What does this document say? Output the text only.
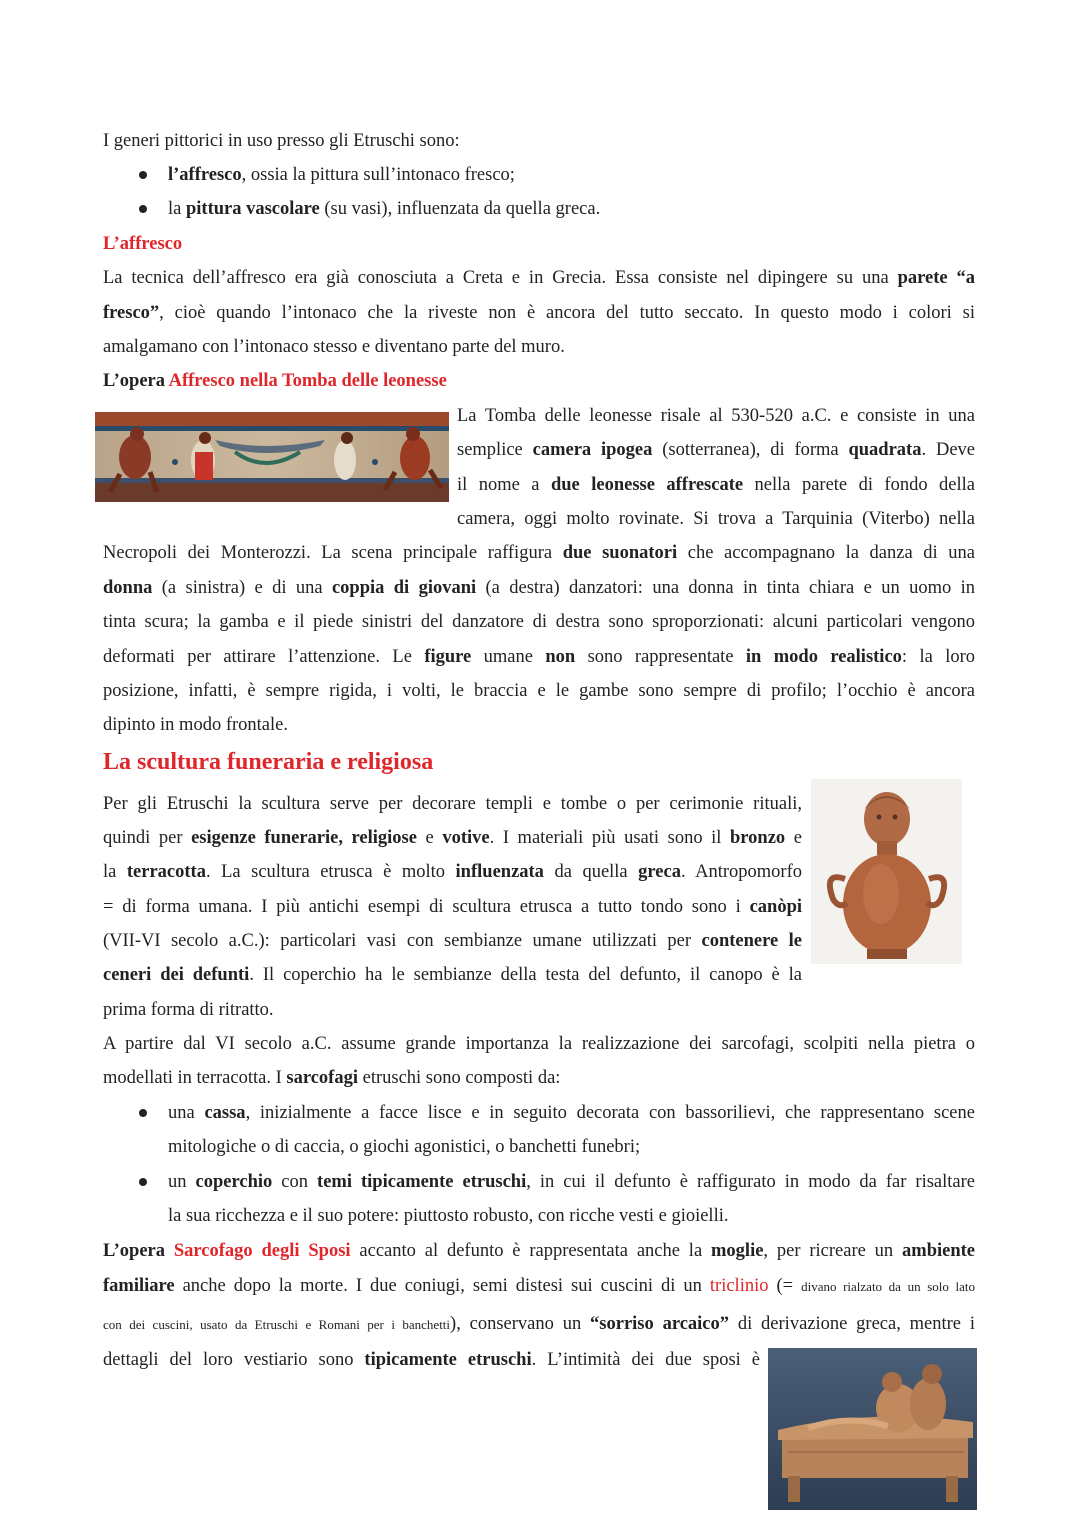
I generi pittorici in uso presso gli Etruschi sono:
l’affresco, ossia la pittura sull’intonaco fresco;
la pittura vascolare (su vasi), influenzata da quella greca.
L’affresco
La tecnica dell’affresco era già conosciuta a Creta e in Grecia. Essa consiste nel dipingere su una parete “a
fresco”, cioè quando l’intonaco che la riveste non è ancora del tutto seccato. In questo modo i colori si
amalgamano con l’intonaco stesso e diventano parte del muro.
L’opera Affresco nella Tomba delle leonesse
La Tomba delle leonesse risale al 530-520 a.C. e consiste in una
semplice camera ipogea (sotterranea), di forma quadrata. Deve
il nome a due leonesse affrescate nella parete di fondo della
camera, oggi molto rovinate. Si trova a Tarquinia (Viterbo) nella
Necropoli dei Monterozzi. La scena principale raffigura due suonatori che accompagnano la danza di una
donna (a sinistra) e di una coppia di giovani (a destra) danzatori: una donna in tinta chiara e un uomo in
tinta scura; la gamba e il piede sinistri del danzatore di destra sono sproporzionati: alcuni particolari vengono
deformati per attirare l’attenzione. Le figure umane non sono rappresentate in modo realistico: la loro
posizione, infatti, è sempre rigida, i volti, le braccia e le gambe sono sempre di profilo; l’occhio è ancora
dipinto in modo frontale.
La scultura funeraria e religiosa
Per gli Etruschi la scultura serve per decorare templi e tombe o per cerimonie rituali,
quindi per esigenze funerarie, religiose e votive. I materiali più usati sono il bronzo e
la terracotta. La scultura etrusca è molto influenzata da quella greca. Antropomorfo
= di forma umana. I più antichi esempi di scultura etrusca a tutto tondo sono i canòpi
(VII-VI secolo a.C.): particolari vasi con sembianze umane utilizzati per contenere le
ceneri dei defunti. Il coperchio ha le sembianze della testa del defunto, il canopo è la
prima forma di ritratto.
A partire dal VI secolo a.C. assume grande importanza la realizzazione dei sarcofagi, scolpiti nella pietra o
modellati in terracotta. I sarcofagi etruschi sono composti da:
una cassa, inizialmente a facce lisce e in seguito decorata con bassorilievi, che rappresentano scene
mitologiche o di caccia, o giochi agonistici, o banchetti funebri;
un coperchio con temi tipicamente etruschi, in cui il defunto è raffigurato in modo da far risaltare
la sua ricchezza e il suo potere: piuttosto robusto, con ricche vesti e gioielli.
L’opera Sarcofago degli Sposi accanto al defunto è rappresentata anche la moglie, per ricreare un ambiente
familiare anche dopo la morte. I due coniugi, semi distesi sui cuscini di un triclinio (= divano rialzato da un solo lato
con dei cuscini, usato da Etruschi e Romani per i banchetti), conservano un “sorriso arcaico” di derivazione greca, mentre i
dettagli del loro vestiario sono tipicamente etruschi. L’intimità dei due sposi è
